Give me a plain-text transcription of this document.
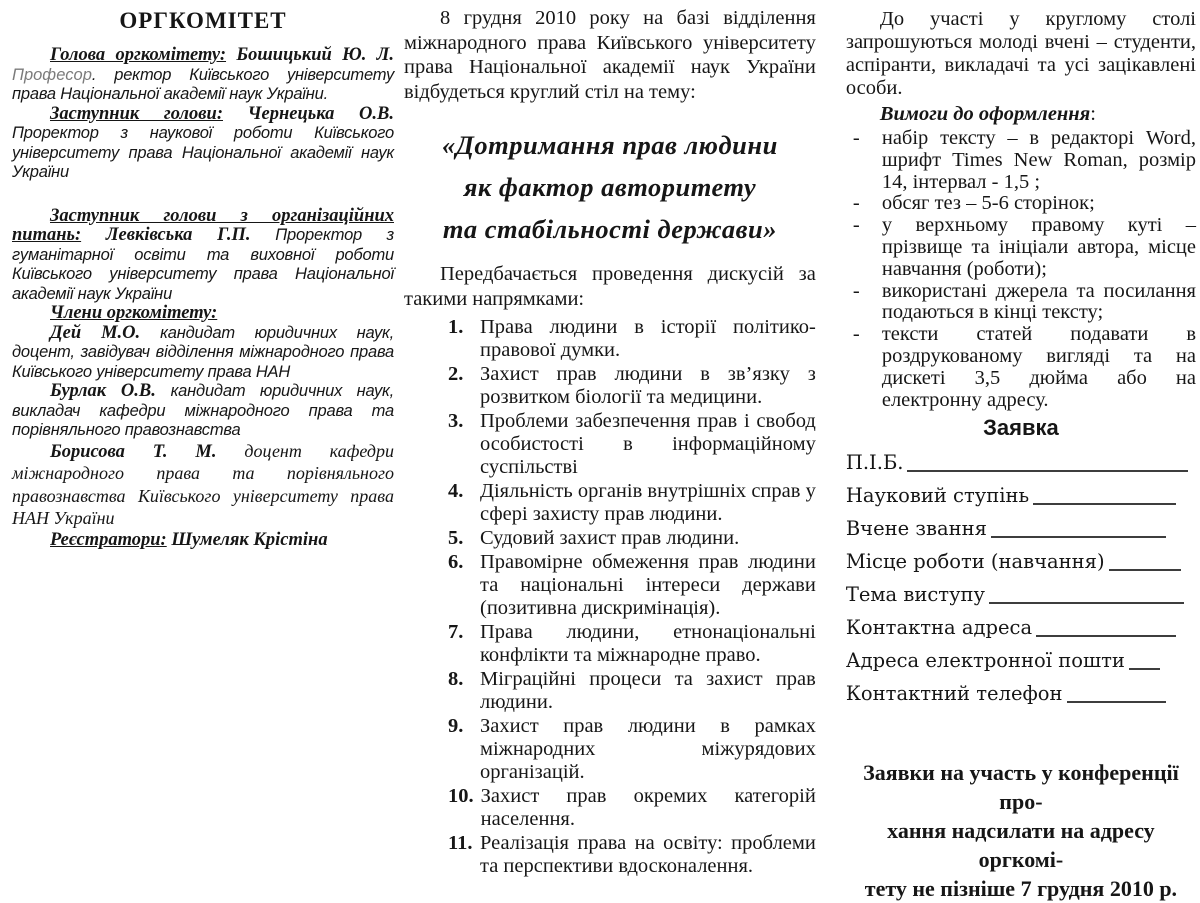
ОРГКОМІТЕТ

Голова оргкомітету: Бошицький Ю. Л. Професор. ректор Київського університету права Національної академії наук України.

Заступник голови: Чернецька О.В. Проректор з наукової роботи Київського університету права Національної академії наук України

Заступник голови з організаційних питань: Левківська Г.П. Проректор з гуманітарної освіти та виховної роботи Київського університету права Національної академії наук України

Члени оргкомітету:

Дей М.О. кандидат юридичних наук, доцент, завідувач відділення міжнародного права Київського університету права НАН

Бурлак О.В. кандидат юридичних наук, викладач кафедри міжнародного права та порівняльного правознавства

Борисова Т. М. доцент кафедри міжнародного права та порівняльного правознавства Київського університету права НАН України

Реєстратори: Шумеляк Крістіна

8 грудня 2010 року на базі відділення міжнародного права Київського університету права Національної академії наук України відбудеться круглий стіл на тему:

«Дотримання прав людини
як фактор авторитету
та стабільності держави»

Передбачається проведення дискусій за такими напрямками:

1. Права людини в історії політико-правової думки.
2. Захист прав людини в зв’язку з розвитком біології та медицини.
3. Проблеми забезпечення прав і свобод особистості в інформаційному суспільстві
4. Діяльність органів внутрішніх справ у сфері захисту прав людини.
5. Судовий захист прав людини.
6. Правомірне обмеження прав людини та національні інтереси держави (позитивна дискримінація).
7. Права людини, етнонаціональні конфлікти та міжнародне право.
8. Міграційні процеси та захист прав людини.
9. Захист прав людини в рамках міжнародних міжурядових організацій.
10. Захист прав окремих категорій населення.
11. Реалізація права на освіту: проблеми та перспективи вдосконалення.

До участі у круглому столі запрошуються молоді вчені – студенти, аспіранти, викладачі та усі зацікавлені особи.

Вимоги до оформлення:

-	набір тексту – в редакторі Word, шрифт Times New Roman, розмір 14, інтервал - 1,5 ;
-	обсяг тез – 5-6 сторінок;
-	у верхньому правому куті – прізвище та ініціали автора, місце навчання (роботи);
-	використані джерела та посилання подаються в кінці тексту;
-	тексти статей подавати в роздрукованому вигляді та на дискеті 3,5 дюйма або на електронну адресу.
Заявка
П.І.Б.
Науковий ступінь
Вчене звання
Місце роботи (навчання)
Тема виступу
Контактна адреса
Адреса електронної пошти
Контактний телефон

Заявки на участь у конференції про-
хання надсилати на адресу оргкомі-
тету не пізніше 7 грудня 2010 р.
